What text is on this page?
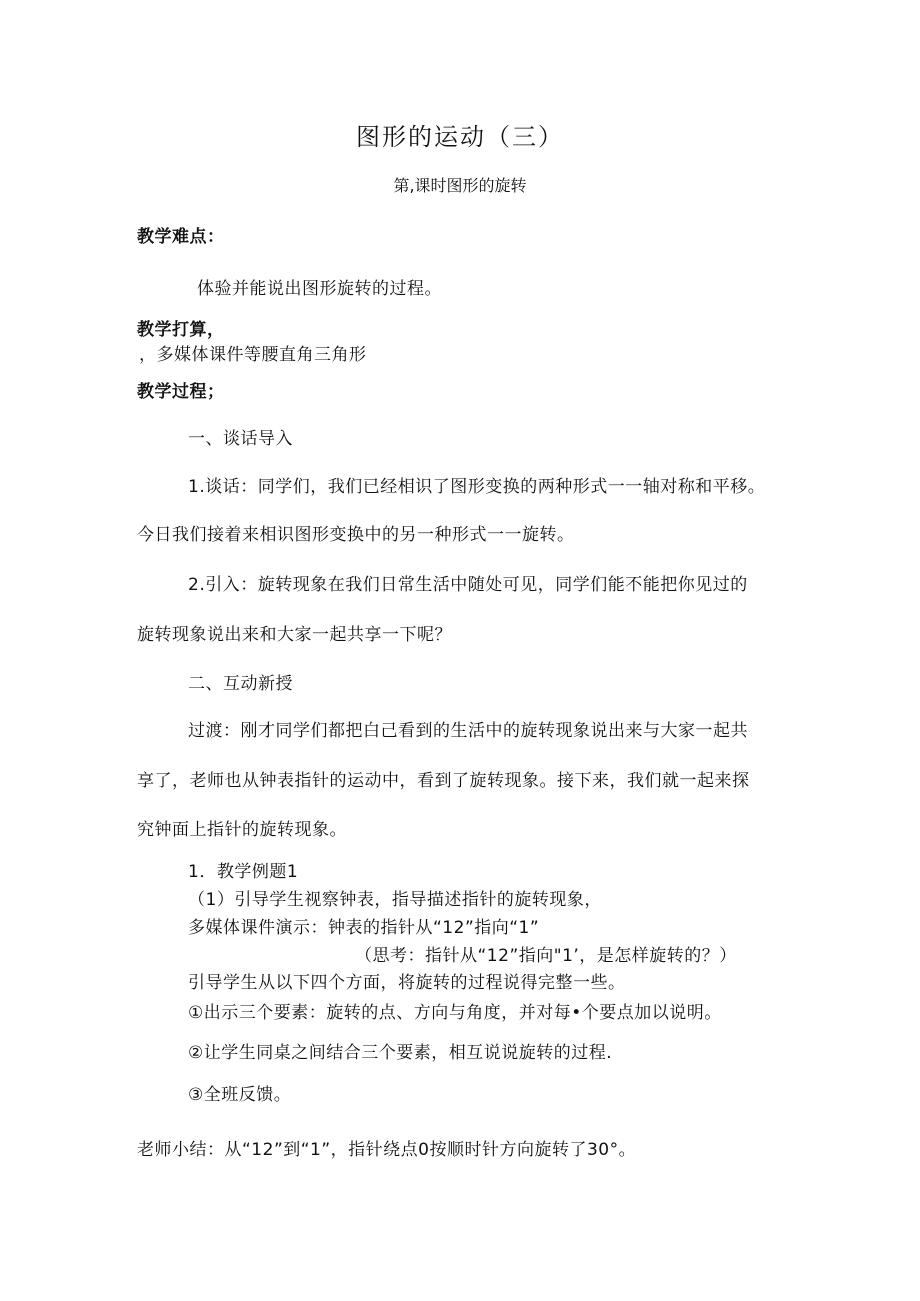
图形的运动（三）
第,课时图形的旋转
教学难点：
体验并能说出图形旋转的过程。
教学打算，
，多媒体课件等腰直角三角形
教学过程；
一、谈话导入
1.谈话：同学们，我们已经相识了图形变换的两种形式一一轴对称和平移。
今日我们接着来相识图形变换中的另一种形式一一旋转。
2.引入：旋转现象在我们日常生活中随处可见，同学们能不能把你见过的
旋转现象说出来和大家一起共享一下呢？
二、互动新授
过渡：刚才同学们都把白己看到的生活中的旋转现象说出来与大家一起共
享了，老师也从钟表指针的运动中，看到了旋转现象。接下来，我们就一起来探
究钟面上指针的旋转现象。
1．教学例题1
（1）引导学生视察钟表，指导描述指针的旋转现象，
多媒体课件演示：钟表的指针从“12”指向“1”
（思考：指针从“12”指向"1’，是怎样旋转的？）
引导学生从以下四个方面，将旋转的过程说得完整一些。
①出示三个要素：旋转的点、方向与角度，并对每•个要点加以说明。
②让学生同桌之间结合三个要素，相互说说旋转的过程.
③全班反馈。
老师小结：从“12”到“1”，指针绕点0按顺时针方向旋转了30°。
